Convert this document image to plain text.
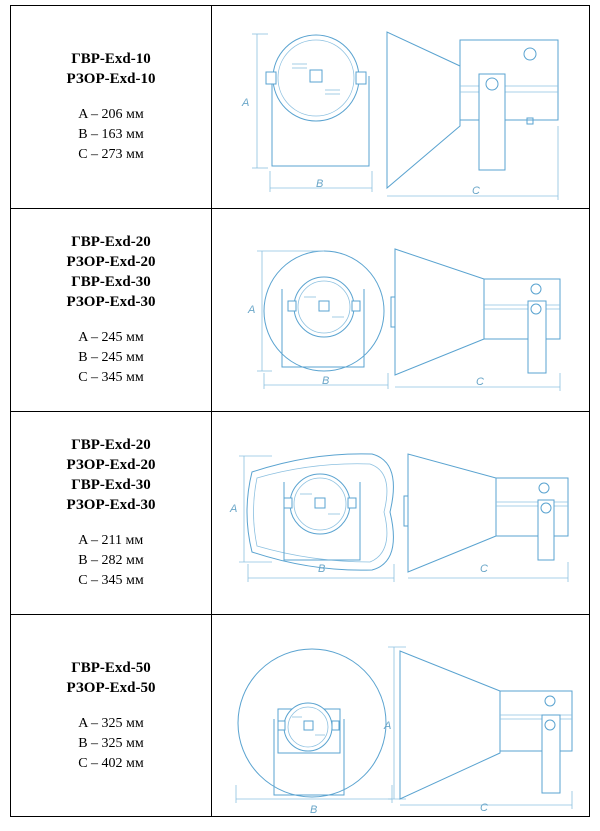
ГВР-Exd-10
РЗОР-Exd-10
A – 206 мм
B – 163 мм
C – 273 мм
A
B
C
ГВР-Exd-20
РЗОР-Exd-20
ГВР-Exd-30
РЗОР-Exd-30
A – 245 мм
B – 245 мм
C – 345 мм
A
B	C
ГВР-Exd-20
РЗОР-Exd-20
ГВР-Exd-30
РЗОР-Exd-30
A – 211 мм
B – 282 мм
C – 345 мм
A
B	C
ГВР-Exd-50
РЗОР-Exd-50
A – 325 мм
B – 325 мм
C – 402 мм
B
A
C
